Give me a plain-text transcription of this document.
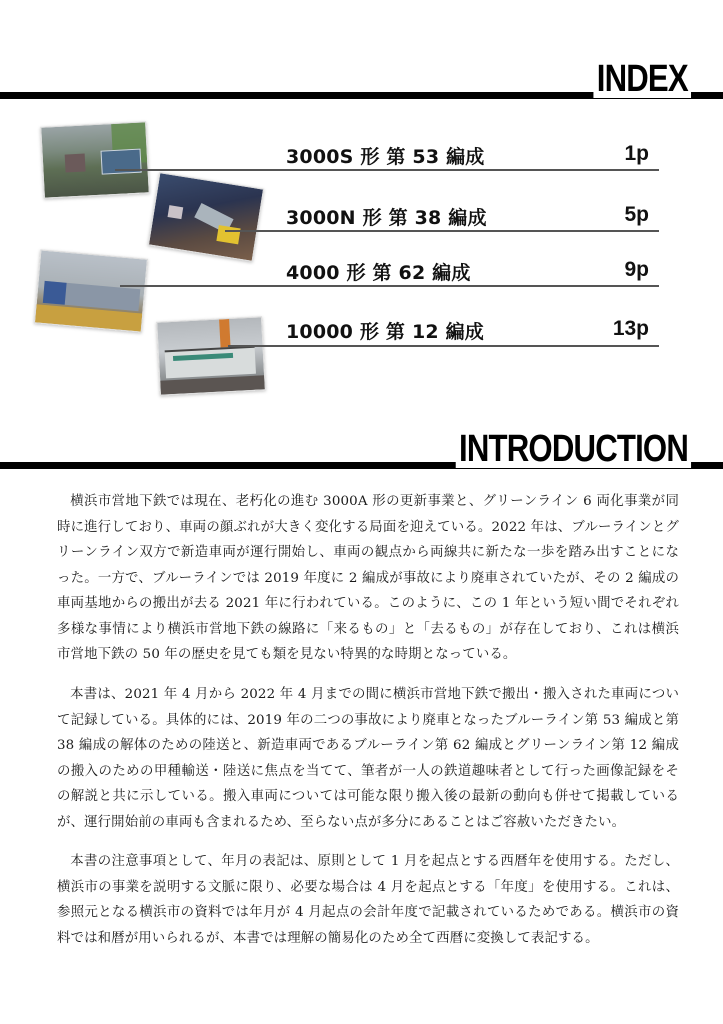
INDEX
3000S 形 第 53 編成	1p
3000N 形 第 38 編成	5p
4000 形 第 62 編成	9p
10000 形 第 12 編成	13p
INTRODUCTION

横浜市営地下鉄では現在、老朽化の進む 3000A 形の更新事業と、グリーンライン 6 両化事業が同時に進行しており、車両の顔ぶれが大きく変化する局面を迎えている。2022 年は、ブルーラインとグリーンライン双方で新造車両が運行開始し、車両の観点から両線共に新たな一歩を踏み出すことになった。一方で、ブルーラインでは 2019 年度に 2 編成が事故により廃車されていたが、その 2 編成の車両基地からの搬出が去る 2021 年に行われている。このように、この 1 年という短い間でそれぞれ多様な事情により横浜市営地下鉄の線路に「来るもの」と「去るもの」が存在しており、これは横浜市営地下鉄の 50 年の歴史を見ても類を見ない特異的な時期となっている。

本書は、2021 年 4 月から 2022 年 4 月までの間に横浜市営地下鉄で搬出・搬入された車両について記録している。具体的には、2019 年の二つの事故により廃車となったブルーライン第 53 編成と第 38 編成の解体のための陸送と、新造車両であるブルーライン第 62 編成とグリーンライン第 12 編成の搬入のための甲種輸送・陸送に焦点を当てて、筆者が一人の鉄道趣味者として行った画像記録をその解説と共に示している。搬入車両については可能な限り搬入後の最新の動向も併せて掲載しているが、運行開始前の車両も含まれるため、至らない点が多分にあることはご容赦いただきたい。

本書の注意事項として、年月の表記は、原則として 1 月を起点とする西暦年を使用する。ただし、横浜市の事業を説明する文脈に限り、必要な場合は 4 月を起点とする「年度」を使用する。これは、参照元となる横浜市の資料では年月が 4 月起点の会計年度で記載されているためである。横浜市の資料では和暦が用いられるが、本書では理解の簡易化のため全て西暦に変換して表記する。
